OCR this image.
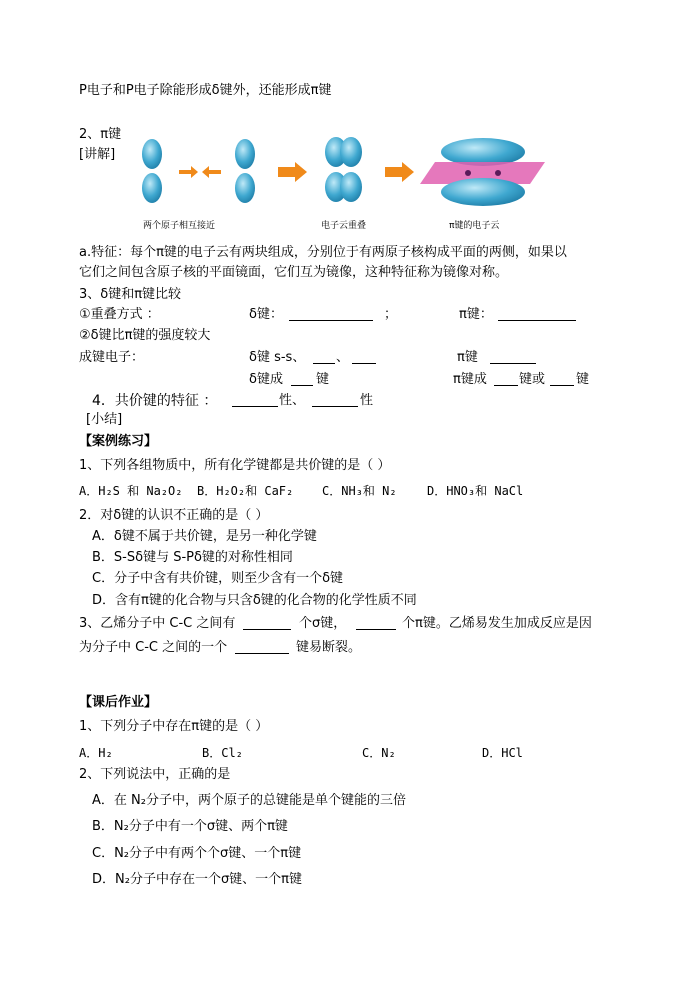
P电子和P电子除能形成δ键外，还能形成π键
2、π键
[讲解]
两个原子相互接近	电子云重叠	π键的电子云
a.特征：每个π键的电子云有两块组成，分别位于有两原子核构成平面的两侧，如果以
它们之间包含原子核的平面镜面，它们互为镜像，这种特征称为镜像对称。
3、δ键和π键比较
①重叠方式 ：	δ键：	；	π键：
②δ键比π键的强度较大
成键电子：	δ键 s-s、 、	π键
δ键成	键	π键成 键或 键
4．共价键的特征 ：	性、	性
[小结]
【案例练习】
1、下列各组物质中，所有化学键都是共价键的是（ ）
A．H₂S 和 Na₂O₂ B．H₂O₂和 CaF₂ C．NH₃和 N₂	D．HNO₃和 NaCl
2．对δ键的认识不正确的是（ ）
A．δ键不属于共价键，是另一种化学键
B．S-Sδ键与 S-Pδ键的对称性相同
C．分子中含有共价键，则至少含有一个δ键
D．含有π键的化合物与只含δ键的化合物的化学性质不同
3、乙烯分子中 C-C 之间有	个σ键，	个π键。乙烯易发生加成反应是因
为分子中 C-C 之间的一个	键易断裂。
【课后作业】
1、下列分子中存在π键的是（ ）
A．H₂	B．Cl₂	C．N₂	D．HCl
2、下列说法中，正确的是
A．在 N₂分子中，两个原子的总键能是单个键能的三倍
B．N₂分子中有一个σ键、两个π键
C．N₂分子中有两个个σ键、一个π键
D．N₂分子中存在一个σ键、一个π键
